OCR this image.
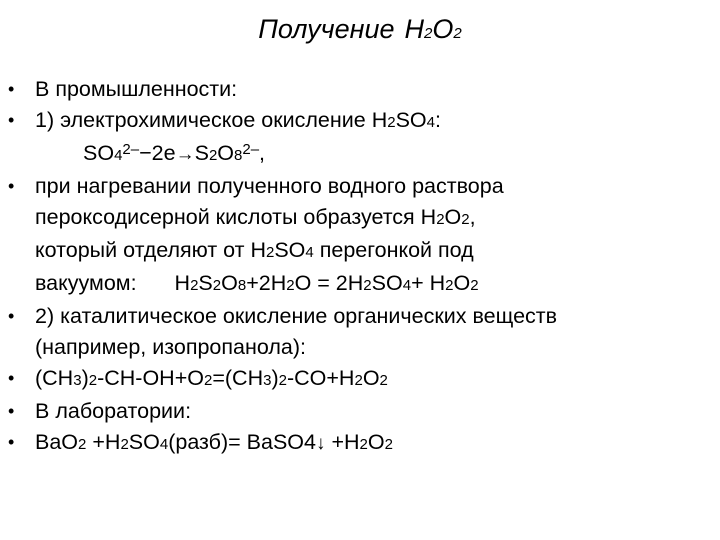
Получение H2O2
• В промышленности:
• 1) электрохимическое окисление H2SO4:
$SO4^{2-}-2e\to S2O8^{2-}$,
• при нагревании полученного водного раствора
пероксодисерной кислоты образуется H2O2,
который отделяют от H2SO4 перегонкой под
вакуумом: H2S2O8+2H2O = 2H2SO4+ H2O2
• 2) каталитическое окисление органических веществ
(например, изопропанола):
• (CH3)2-CH-OH+O2=(CH3)2-CO+H2O2
• В лаборатории:
• BaO2 +H2SO4(разб)= BaSO4↓ +H2O2
